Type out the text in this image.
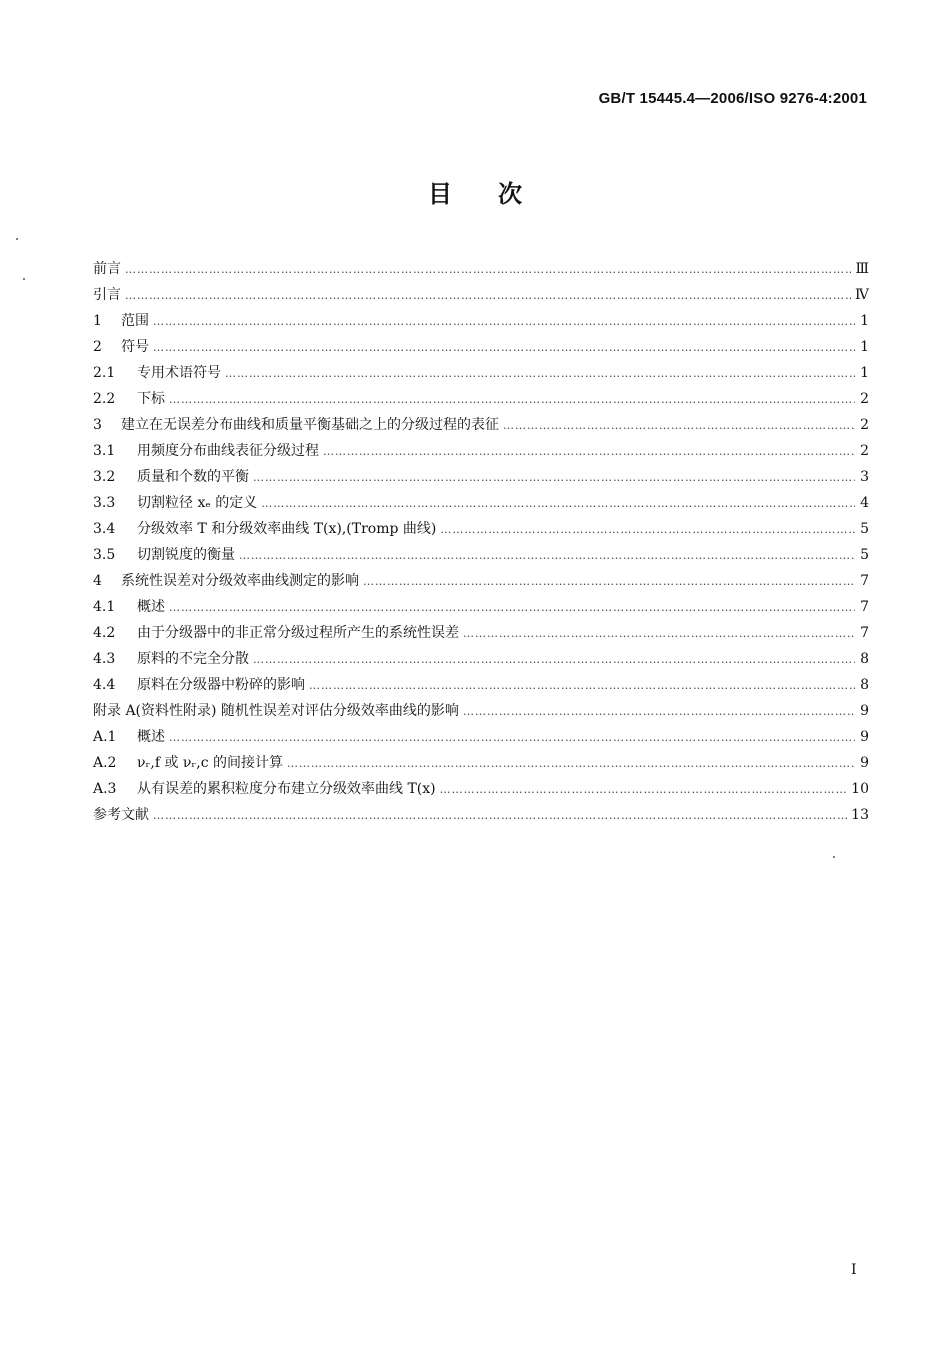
GB/T 15445.4—2006/ISO 9276-4:2001
目次
前言 …………………………………………………………………………………………………………………………………………………………………………………………………………………………	Ⅲ
引言 …………………………………………………………………………………………………………………………………………………………………………………………………………………………	Ⅳ
1	范围 …………………………………………………………………………………………………………………………………………………………………………………………………………………………	1
2	符号 …………………………………………………………………………………………………………………………………………………………………………………………………………………………	1
2.1	专用术语符号 …………………………………………………………………………………………………………………………………………………………………………………………………………………………	1
2.2	下标 …………………………………………………………………………………………………………………………………………………………………………………………………………………………	2
3	建立在无误差分布曲线和质量平衡基础之上的分级过程的表征 …………………………………………………………………………………………………………………………………………………………………………………………………………………………	2
3.1	用频度分布曲线表征分级过程 …………………………………………………………………………………………………………………………………………………………………………………………………………………………	2
3.2	质量和个数的平衡 …………………………………………………………………………………………………………………………………………………………………………………………………………………………	3
3.3	切割粒径 xₑ 的定义 …………………………………………………………………………………………………………………………………………………………………………………………………………………………	4
3.4	分级效率 T 和分级效率曲线 T(x),(Tromp 曲线) …………………………………………………………………………………………………………………………………………………………………………………………………………………………	5
3.5	切割锐度的衡量 …………………………………………………………………………………………………………………………………………………………………………………………………………………………	5
4	系统性误差对分级效率曲线测定的影响 …………………………………………………………………………………………………………………………………………………………………………………………………………………………	7
4.1	概述 …………………………………………………………………………………………………………………………………………………………………………………………………………………………	7
4.2	由于分级器中的非正常分级过程所产生的系统性误差 …………………………………………………………………………………………………………………………………………………………………………………………………………………………	7
4.3	原料的不完全分散 …………………………………………………………………………………………………………………………………………………………………………………………………………………………	8
4.4	原料在分级器中粉碎的影响 …………………………………………………………………………………………………………………………………………………………………………………………………………………………	8
附录 A(资料性附录) 随机性误差对评估分级效率曲线的影响 …………………………………………………………………………………………………………………………………………………………………………………………………………………………	9
A.1	概述 …………………………………………………………………………………………………………………………………………………………………………………………………………………………	9
A.2	νᵣ,f 或 νᵣ,c 的间接计算 …………………………………………………………………………………………………………………………………………………………………………………………………………………………	9
A.3	从有误差的累积粒度分布建立分级效率曲线 T(x) …………………………………………………………………………………………………………………………………………………………………………………………………………………………	10
参考文献 …………………………………………………………………………………………………………………………………………………………………………………………………………………………	13
I
